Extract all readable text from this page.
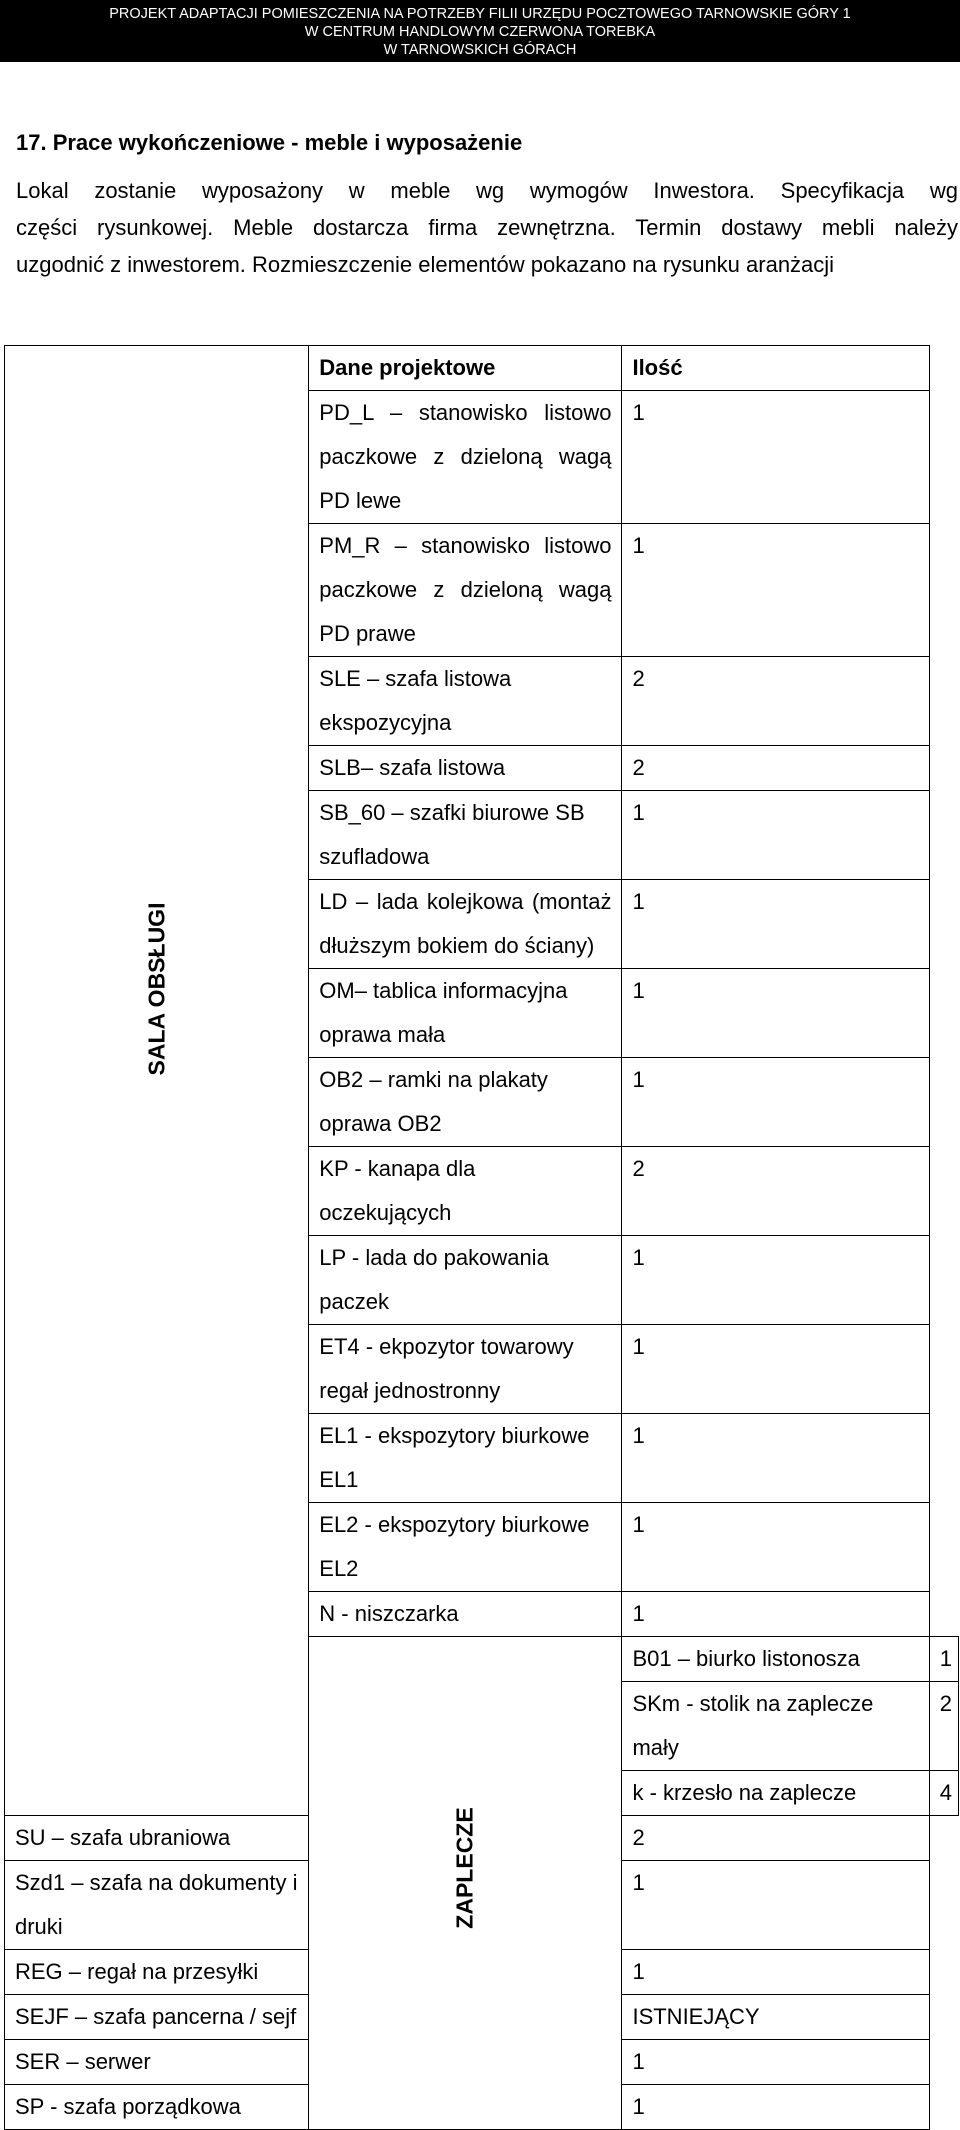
PROJEKT ADAPTACJI POMIESZCZENIA NA POTRZEBY FILII URZĘDU POCZTOWEGO TARNOWSKIE GÓRY 1
W CENTRUM HANDLOWYM CZERWONA TOREBKA
W TARNOWSKICH GÓRACH
17. Prace wykończeniowe - meble i wyposażenie
Lokal zostanie wyposażony w meble wg wymogów Inwestora. Specyfikacja wg
części rysunkowej. Meble dostarcza firma zewnętrzna. Termin dostawy mebli należy
uzgodnić z inwestorem. Rozmieszczenie elementów pokazano na rysunku aranżacji
	Dane projektowe	Ilość	

SALA OBSŁUGI	PD_L – stanowisko listowo paczkowe z dzieloną wagą PD lewe	1	

	PM_R – stanowisko listowo paczkowe z dzieloną wagą PD prawe	1	
	SLE – szafa listowa ekspozycyjna	2	
	SLB– szafa listowa	2	
	SB_60 – szafki biurowe SB szufladowa	1	

	LD – lada kolejkowa (montaż dłuższym bokiem do ściany)	1	
	OM– tablica informacyjna oprawa mała	1	
	OB2 – ramki na plakaty oprawa OB2	1	
	KP - kanapa dla oczekujących	2	
	LP - lada do pakowania paczek	1	
	ET4 - ekpozytor towarowy regał jednostronny	1	
	EL1 - ekspozytory biurkowe EL1	1	
	EL2 - ekspozytory biurkowe EL2	1	
	N - niszczarka	1	

	ZAPLECZE	B01 – biurko listonosza	1
		SKm - stolik na zaplecze mały	2
		k - krzesło na zaplecze	4
SU – szafa ubraniowa		2	
Szd1 – szafa na dokumenty i druki		1	
REG – regał na przesyłki		1	
SEJF – szafa pancerna / sejf		ISTNIEJĄCY	
SER – serwer		1	
SP - szafa porządkowa		1	
